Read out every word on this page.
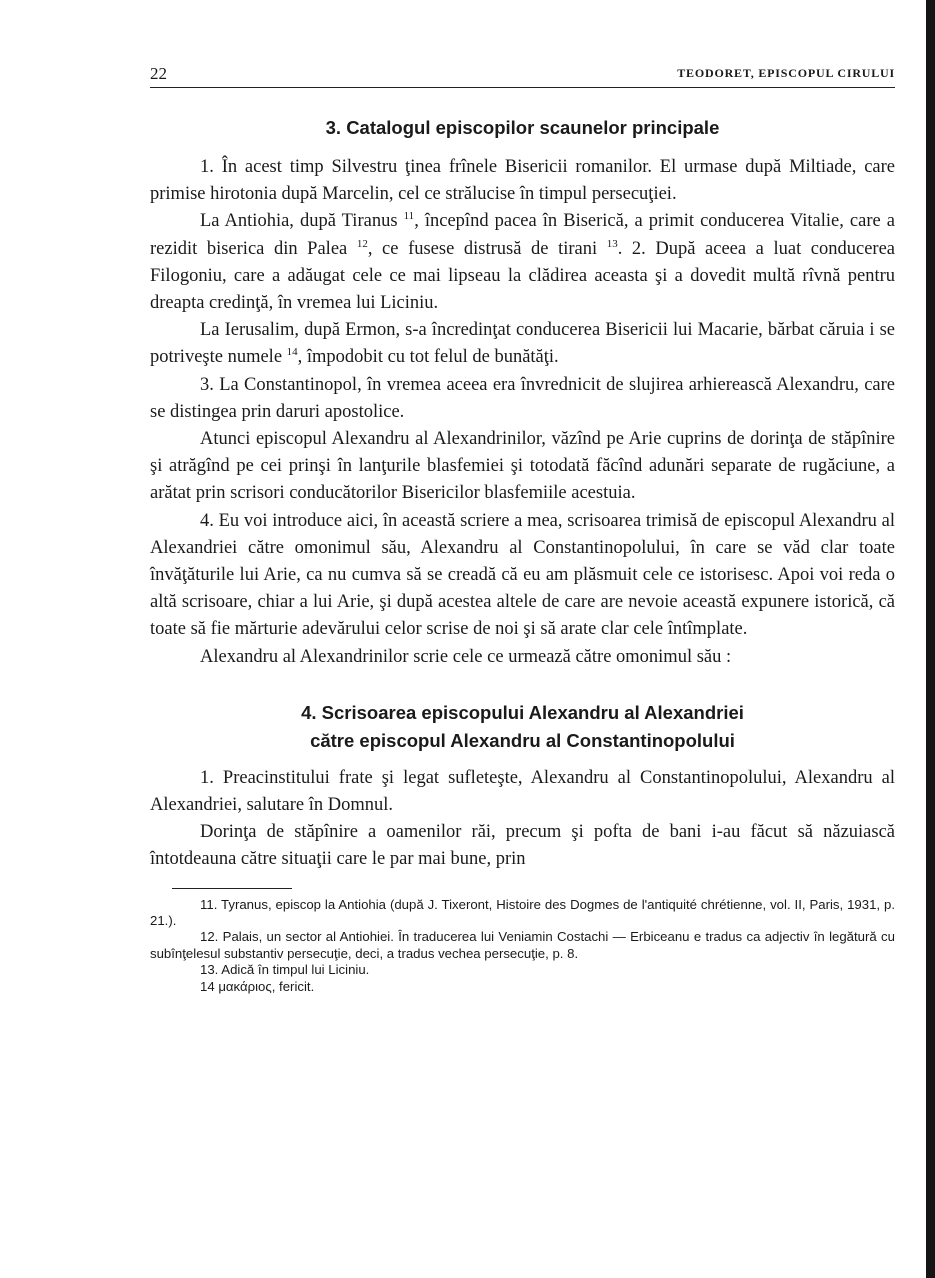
22	TEODORET, EPISCOPUL CIRULUI
3. Catalogul episcopilor scaunelor principale

1. În acest timp Silvestru ţinea frînele Bisericii romanilor. El urmase după Miltiade, care primise hirotonia după Marcelin, cel ce strălucise în timpul persecuţiei.

La Antiohia, după Tiranus $^{11}$, începînd pacea în Biserică, a primit conducerea Vitalie, care a rezidit biserica din Palea $^{12}$, ce fusese distrusă de tirani $^{13}$. 2. După aceea a luat conducerea Filogoniu, care a adăugat cele ce mai lipseau la clădirea aceasta şi a dovedit multă rîvnă pentru dreapta credinţă, în vremea lui Liciniu.

La Ierusalim, după Ermon, s-a încredinţat conducerea Bisericii lui Macarie, bărbat căruia i se potriveşte numele $^{14}$, împodobit cu tot felul de bunătăţi.

3. La Constantinopol, în vremea aceea era învrednicit de slujirea arhierească Alexandru, care se distingea prin daruri apostolice.

Atunci episcopul Alexandru al Alexandrinilor, văzînd pe Arie cuprins de dorinţa de stăpînire şi atrăgînd pe cei prinşi în lanţurile blasfemiei şi totodată făcînd adunări separate de rugăciune, a arătat prin scrisori conducătorilor Bisericilor blasfemiile acestuia.

4. Eu voi introduce aici, în această scriere a mea, scrisoarea trimisă de episcopul Alexandru al Alexandriei către omonimul său, Alexandru al Constantinopolului, în care se văd clar toate învăţăturile lui Arie, ca nu cumva să se creadă că eu am plăsmuit cele ce istorisesc. Apoi voi reda o altă scrisoare, chiar a lui Arie, şi după acestea altele de care are nevoie această expunere istorică, că toate să fie mărturie adevărului celor scrise de noi şi să arate clar cele întîmplate.

Alexandru al Alexandrinilor scrie cele ce urmează către omonimul său :

4. Scrisoarea episcopului Alexandru al Alexandriei
către episcopul Alexandru al Constantinopolului

1. Preacinstitului frate şi legat sufleteşte, Alexandru al Constantinopolului, Alexandru al Alexandriei, salutare în Domnul.

Dorinţa de stăpînire a oamenilor răi, precum şi pofta de bani i-au făcut să năzuiască întotdeauna către situaţii care le par mai bune, prin

11. Tyranus, episcop la Antiohia (după J. Tixeront, Histoire des Dogmes de l'antiquité chrétienne, vol. II, Paris, 1931, p. 21.).
12. Palais, un sector al Antiohiei. În traducerea lui Veniamin Costachi — Erbiceanu e tradus ca adjectiv în legătură cu subînţelesul substantiv persecuţie, deci, a tradus vechea persecuţie, p. 8.
13. Adică în timpul lui Liciniu.
14 μακάριος, fericit.
